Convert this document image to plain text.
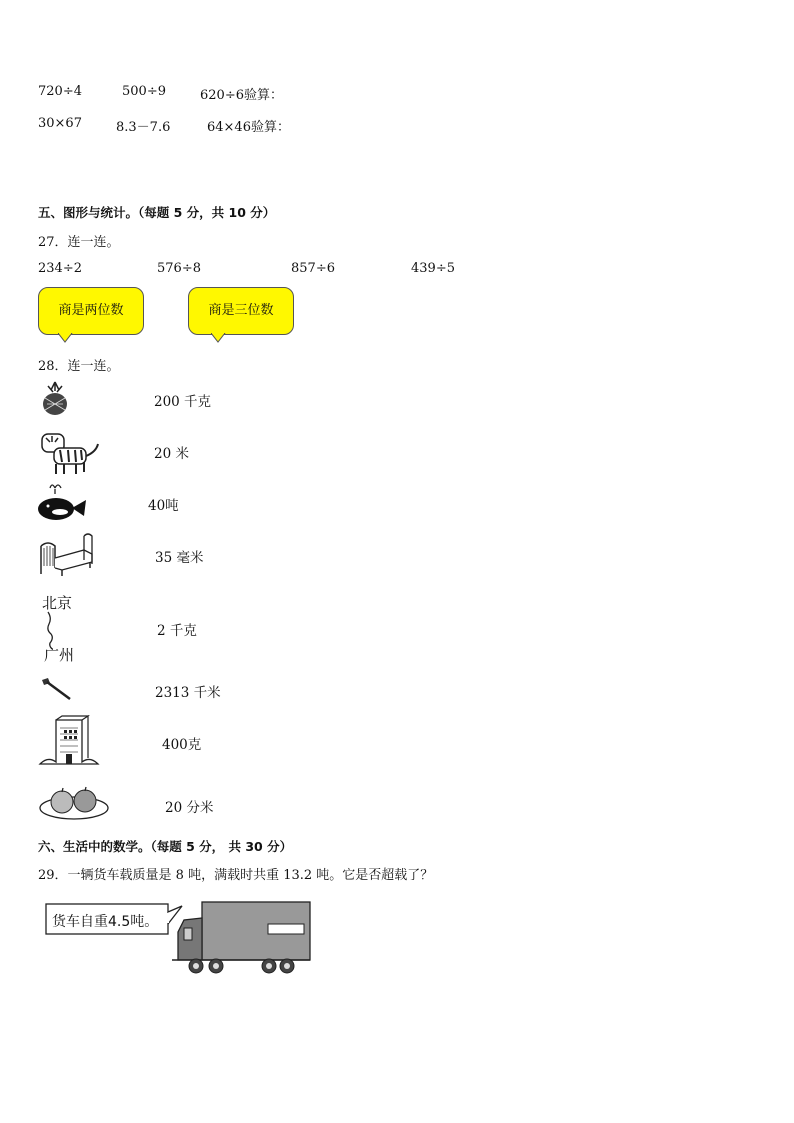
720÷4	500÷9	620÷6验算：
30×67	8.3－7.6	64×46验算：
五、图形与统计。（每题 5 分，共 10 分）
27．连一连。
234÷2	576÷8	857÷6	439÷5
商是两位数	商是三位数
28．连一连。
200 千克
20 米
40吨
35 毫米
北京
广州
2 千克
2313 千米
400克
20 分米
六、生活中的数学。（每题 5 分， 共 30 分）
29．一辆货车载质量是 8 吨，满载时共重 13.2 吨。它是否超载了？
货车自重4.5吨。
